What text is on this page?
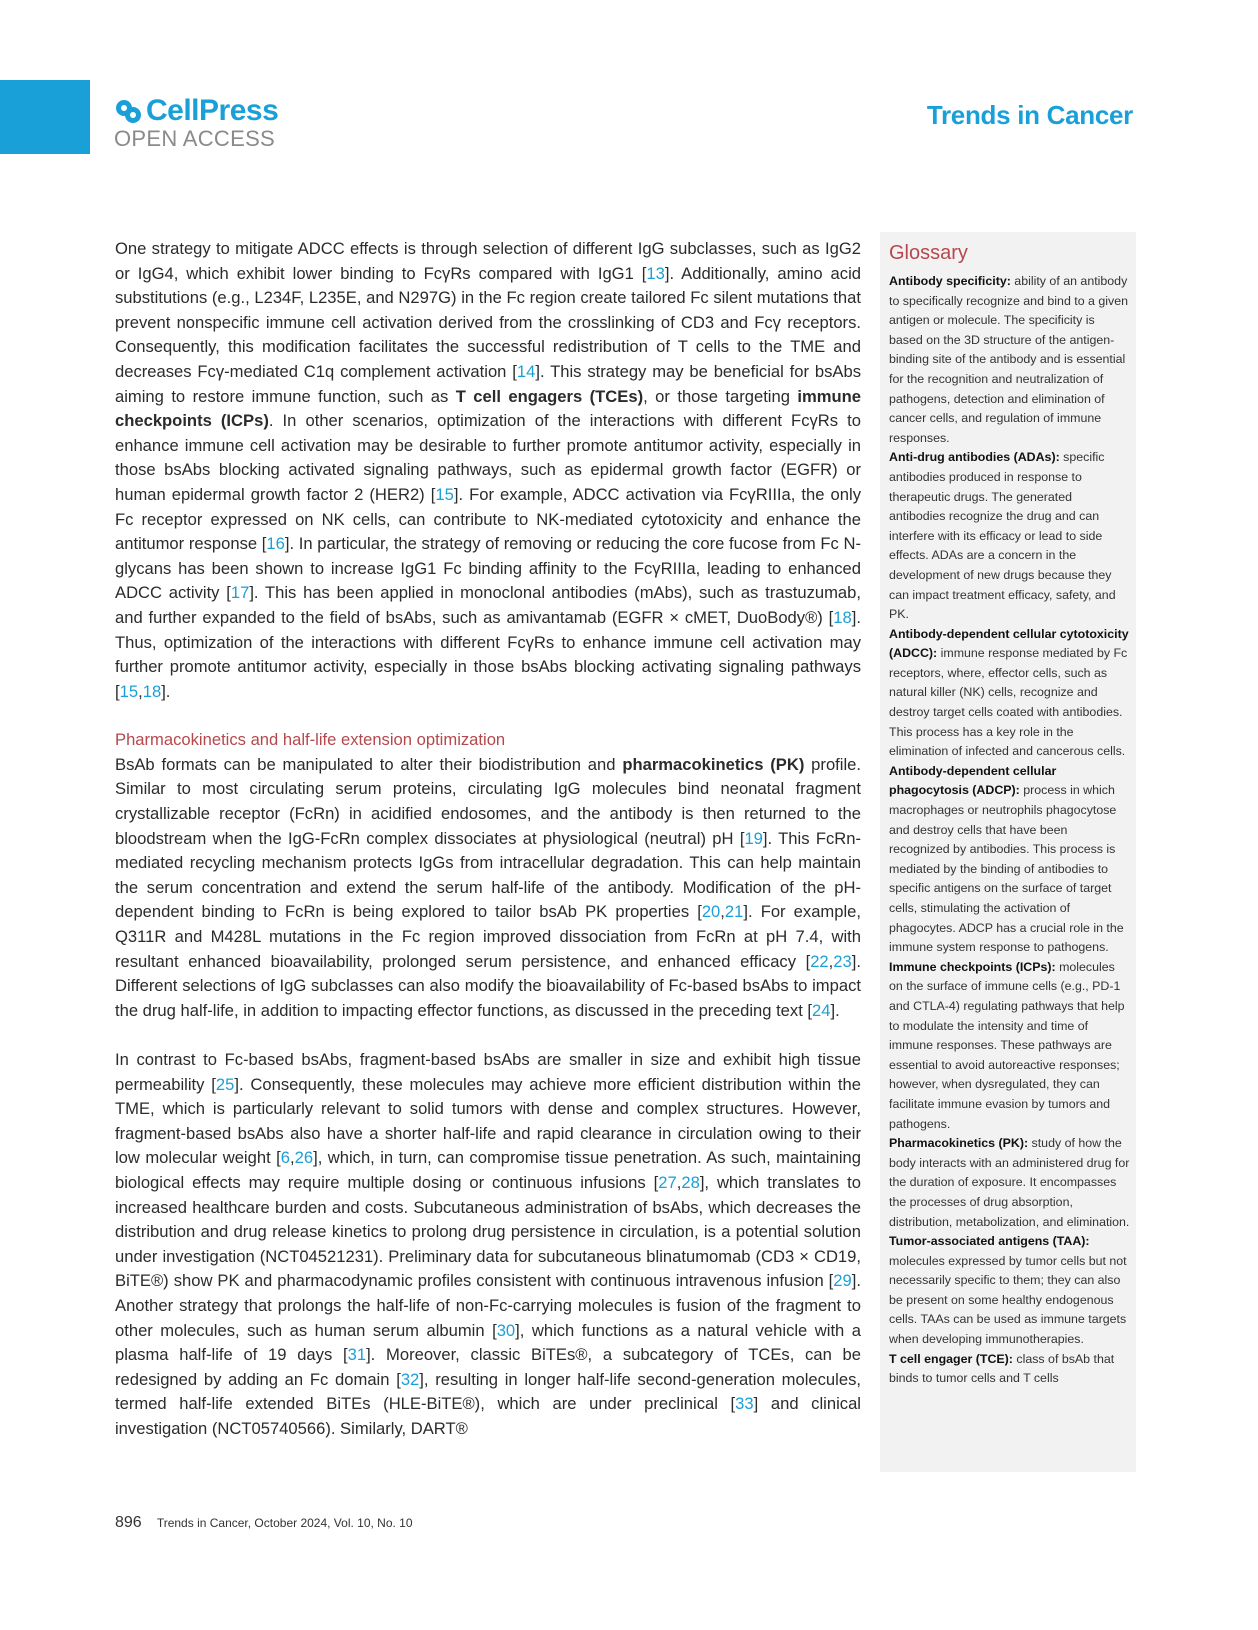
CellPress
OPEN ACCESS
Trends in Cancer

One strategy to mitigate ADCC effects is through selection of different IgG subclasses, such as IgG2 or IgG4, which exhibit lower binding to FcγRs compared with IgG1 [13]. Additionally, amino acid substitutions (e.g., L234F, L235E, and N297G) in the Fc region create tailored Fc silent mutations that prevent nonspecific immune cell activation derived from the crosslinking of CD3 and Fcγ receptors. Consequently, this modification facilitates the successful redistribution of T cells to the TME and decreases Fcγ-mediated C1q complement activation [14]. This strategy may be beneficial for bsAbs aiming to restore immune function, such as T cell engagers (TCEs), or those targeting immune checkpoints (ICPs). In other scenarios, optimization of the interactions with different FcγRs to enhance immune cell activation may be desirable to further promote antitumor activity, especially in those bsAbs blocking activated signaling pathways, such as epidermal growth factor (EGFR) or human epidermal growth factor 2 (HER2) [15]. For example, ADCC activation via FcγRIIIa, the only Fc receptor expressed on NK cells, can contribute to NK-mediated cytotoxicity and enhance the antitumor response [16]. In particular, the strategy of removing or reducing the core fucose from Fc N-glycans has been shown to increase IgG1 Fc binding affinity to the FcγRIIIa, leading to enhanced ADCC activity [17]. This has been applied in monoclonal antibodies (mAbs), such as trastuzumab, and further expanded to the field of bsAbs, such as amivantamab (EGFR × cMET, DuoBody®) [18]. Thus, optimization of the interactions with different FcγRs to enhance immune cell activation may further promote antitumor activity, especially in those bsAbs blocking activating signaling pathways [15,18].

Pharmacokinetics and half-life extension optimization

BsAb formats can be manipulated to alter their biodistribution and pharmacokinetics (PK) profile. Similar to most circulating serum proteins, circulating IgG molecules bind neonatal fragment crystallizable receptor (FcRn) in acidified endosomes, and the antibody is then returned to the bloodstream when the IgG-FcRn complex dissociates at physiological (neutral) pH [19]. This FcRn-mediated recycling mechanism protects IgGs from intracellular degradation. This can help maintain the serum concentration and extend the serum half-life of the antibody. Modification of the pH-dependent binding to FcRn is being explored to tailor bsAb PK properties [20,21]. For example, Q311R and M428L mutations in the Fc region improved dissociation from FcRn at pH 7.4, with resultant enhanced bioavailability, prolonged serum persistence, and enhanced efficacy [22,23]. Different selections of IgG subclasses can also modify the bioavailability of Fc-based bsAbs to impact the drug half-life, in addition to impacting effector functions, as discussed in the preceding text [24].

In contrast to Fc-based bsAbs, fragment-based bsAbs are smaller in size and exhibit high tissue permeability [25]. Consequently, these molecules may achieve more efficient distribution within the TME, which is particularly relevant to solid tumors with dense and complex structures. However, fragment-based bsAbs also have a shorter half-life and rapid clearance in circulation owing to their low molecular weight [6,26], which, in turn, can compromise tissue penetration. As such, maintaining biological effects may require multiple dosing or continuous infusions [27,28], which translates to increased healthcare burden and costs. Subcutaneous administration of bsAbs, which decreases the distribution and drug release kinetics to prolong drug persistence in circulation, is a potential solution under investigation (NCT04521231). Preliminary data for subcutaneous blinatumomab (CD3 × CD19, BiTE®) show PK and pharmacodynamic profiles consistent with continuous intravenous infusion [29]. Another strategy that prolongs the half-life of non-Fc-carrying molecules is fusion of the fragment to other molecules, such as human serum albumin [30], which functions as a natural vehicle with a plasma half-life of 19 days [31]. Moreover, classic BiTEs®, a subcategory of TCEs, can be redesigned by adding an Fc domain [32], resulting in longer half-life second-generation molecules, termed half-life extended BiTEs (HLE-BiTE®), which are under preclinical [33] and clinical investigation (NCT05740566). Similarly, DART®

Glossary

Antibody specificity: ability of an antibody to specifically recognize and bind to a given antigen or molecule. The specificity is based on the 3D structure of the antigen-binding site of the antibody and is essential for the recognition and neutralization of pathogens, detection and elimination of cancer cells, and regulation of immune responses.

Anti-drug antibodies (ADAs): specific antibodies produced in response to therapeutic drugs. The generated antibodies recognize the drug and can interfere with its efficacy or lead to side effects. ADAs are a concern in the development of new drugs because they can impact treatment efficacy, safety, and PK.

Antibody-dependent cellular cytotoxicity (ADCC): immune response mediated by Fc receptors, where, effector cells, such as natural killer (NK) cells, recognize and destroy target cells coated with antibodies. This process has a key role in the elimination of infected and cancerous cells.

Antibody-dependent cellular phagocytosis (ADCP): process in which macrophages or neutrophils phagocytose and destroy cells that have been recognized by antibodies. This process is mediated by the binding of antibodies to specific antigens on the surface of target cells, stimulating the activation of phagocytes. ADCP has a crucial role in the immune system response to pathogens.

Immune checkpoints (ICPs): molecules on the surface of immune cells (e.g., PD-1 and CTLA-4) regulating pathways that help to modulate the intensity and time of immune responses. These pathways are essential to avoid autoreactive responses; however, when dysregulated, they can facilitate immune evasion by tumors and pathogens.

Pharmacokinetics (PK): study of how the body interacts with an administered drug for the duration of exposure. It encompasses the processes of drug absorption, distribution, metabolization, and elimination.

Tumor-associated antigens (TAA): molecules expressed by tumor cells but not necessarily specific to them; they can also be present on some healthy endogenous cells. TAAs can be used as immune targets when developing immunotherapies.

T cell engager (TCE): class of bsAb that binds to tumor cells and T cells

896 Trends in Cancer, October 2024, Vol. 10, No. 10
